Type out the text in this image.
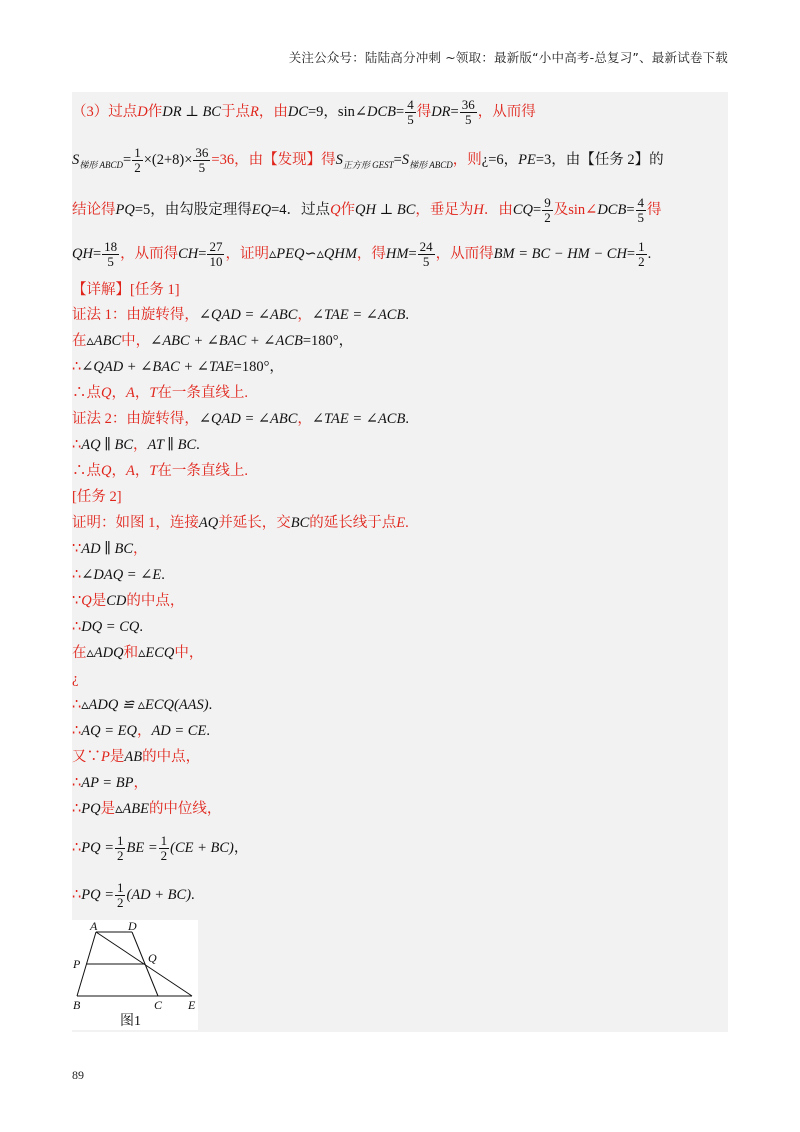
关注公众号：陆陆高分冲刺 ~领取：最新版“小中高考-总复习”、最新试卷下载
（3）过点D作DR ⊥ BC于点R，由DC=9，sin∠DCB= $\frac{4}{5}$ 得$DR= \frac{36}{5}$ ，从而得
$S_{梯形 ABCD}= \frac{1}{2} \times(2+8)\times \frac{36}{5} =36$，由【发现】得$S_{正方形 GEST}=S_{梯形 ABCD}$，则¿=6，PE=3，由【任务 2】的
结论得PQ=5，由勾股定理得EQ=4．过点Q作QH ⊥ BC，垂足为H．由$CQ= \frac{9}{2}$ 及sin∠DCB= $\frac{4}{5}$ 得
$QH= \frac{18}{5}$ ，从而得$CH= \frac{27}{10}$ ，证明▵PEQ∽▵QHM，得$HM= \frac{24}{5}$ ，从而得BM = BC − HM − $CH= \frac{1}{2}$ .
【详解】[任务 1]
证法 1：由旋转得，∠QAD = ∠ABC，∠TAE = ∠ACB.
在▵ABC中，∠ABC + ∠BAC + ∠ACB=180°，
∴∠QAD + ∠BAC + ∠TAE=180°，
∴点Q，A，T在一条直线上.
证法 2：由旋转得，∠QAD = ∠ABC，∠TAE = ∠ACB.
∴AQ ∥ BC，AT ∥ BC.
∴点Q，A，T在一条直线上.
[任务 2]
证明：如图 1，连接AQ并延长，交BC的延长线于点E.
∵AD ∥ BC，
∴∠DAQ = ∠E.
∵Q是CD的中点，
∴DQ = CQ.
在▵ADQ和▵ECQ中，
¿
∴▵ADQ ≌ ▵ECQ(AAS).
∴AQ = EQ，AD = CE.
又∵P是AB的中点，
∴AP = BP，
∴PQ是▵ABE的中位线，
∴PQ = $\frac{1}{2}$ BE = $\frac{1}{2} (CE + BC)$，
∴PQ = $\frac{1}{2} (AD + BC)$.
A	D
P	Q
B	C E
图1
89
